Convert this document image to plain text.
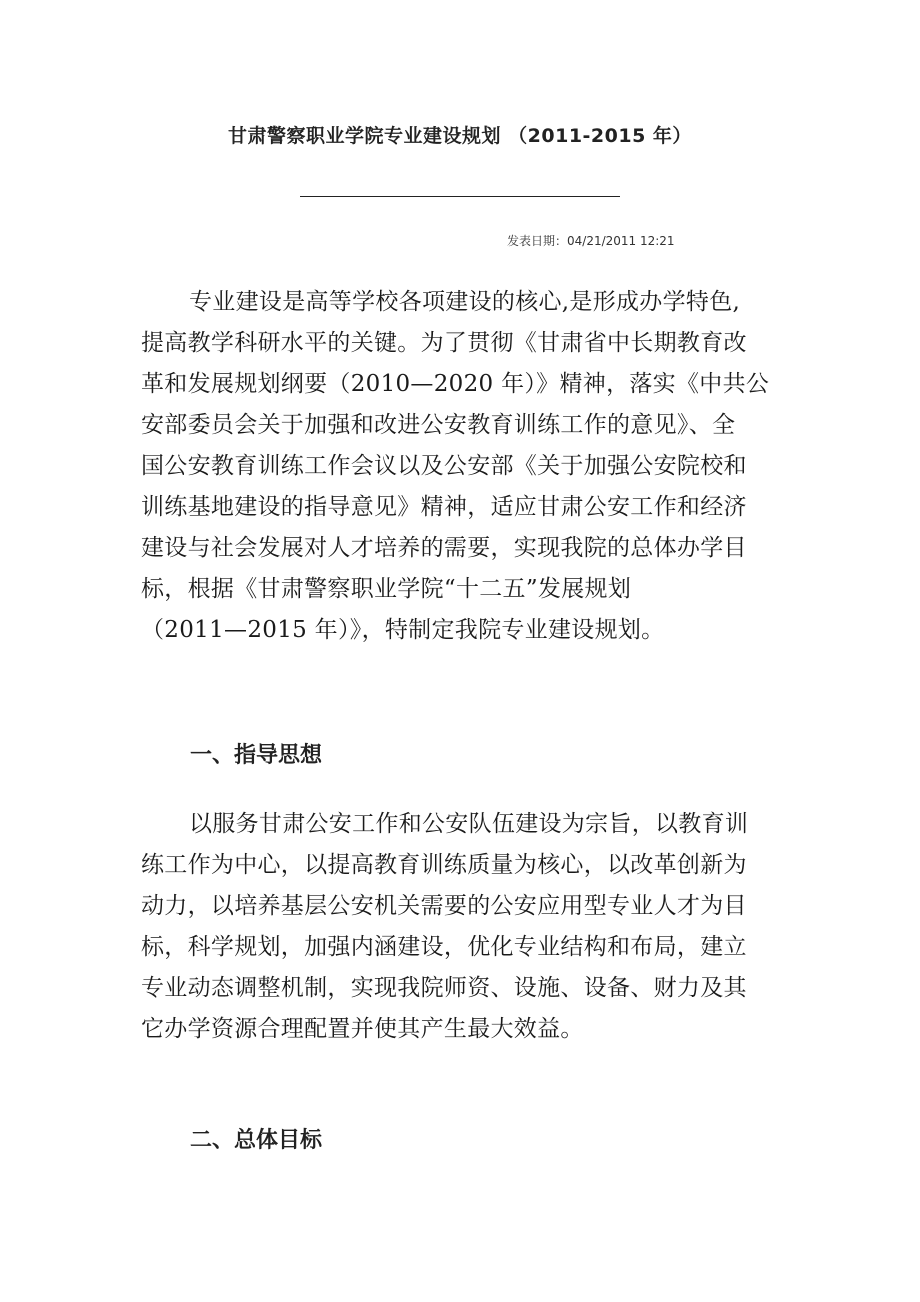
甘肃警察职业学院专业建设规划 （2011-2015 年）
发表日期：04/21/2011 12:21
专业建设是高等学校各项建设的核心,是形成办学特色,
提高教学科研水平的关键。为了贯彻《甘肃省中长期教育改
革和发展规划纲要（2010—2020 年）》精神，落实《中共公
安部委员会关于加强和改进公安教育训练工作的意见》、全
国公安教育训练工作会议以及公安部《关于加强公安院校和
训练基地建设的指导意见》精神，适应甘肃公安工作和经济
建设与社会发展对人才培养的需要，实现我院的总体办学目
标，根据《甘肃警察职业学院“十二五”发展规划
（2011—2015 年）》，特制定我院专业建设规划。
一、指导思想
以服务甘肃公安工作和公安队伍建设为宗旨，以教育训
练工作为中心，以提高教育训练质量为核心，以改革创新为
动力，以培养基层公安机关需要的公安应用型专业人才为目
标，科学规划，加强内涵建设，优化专业结构和布局，建立
专业动态调整机制，实现我院师资、设施、设备、财力及其
它办学资源合理配置并使其产生最大效益。
二、总体目标
